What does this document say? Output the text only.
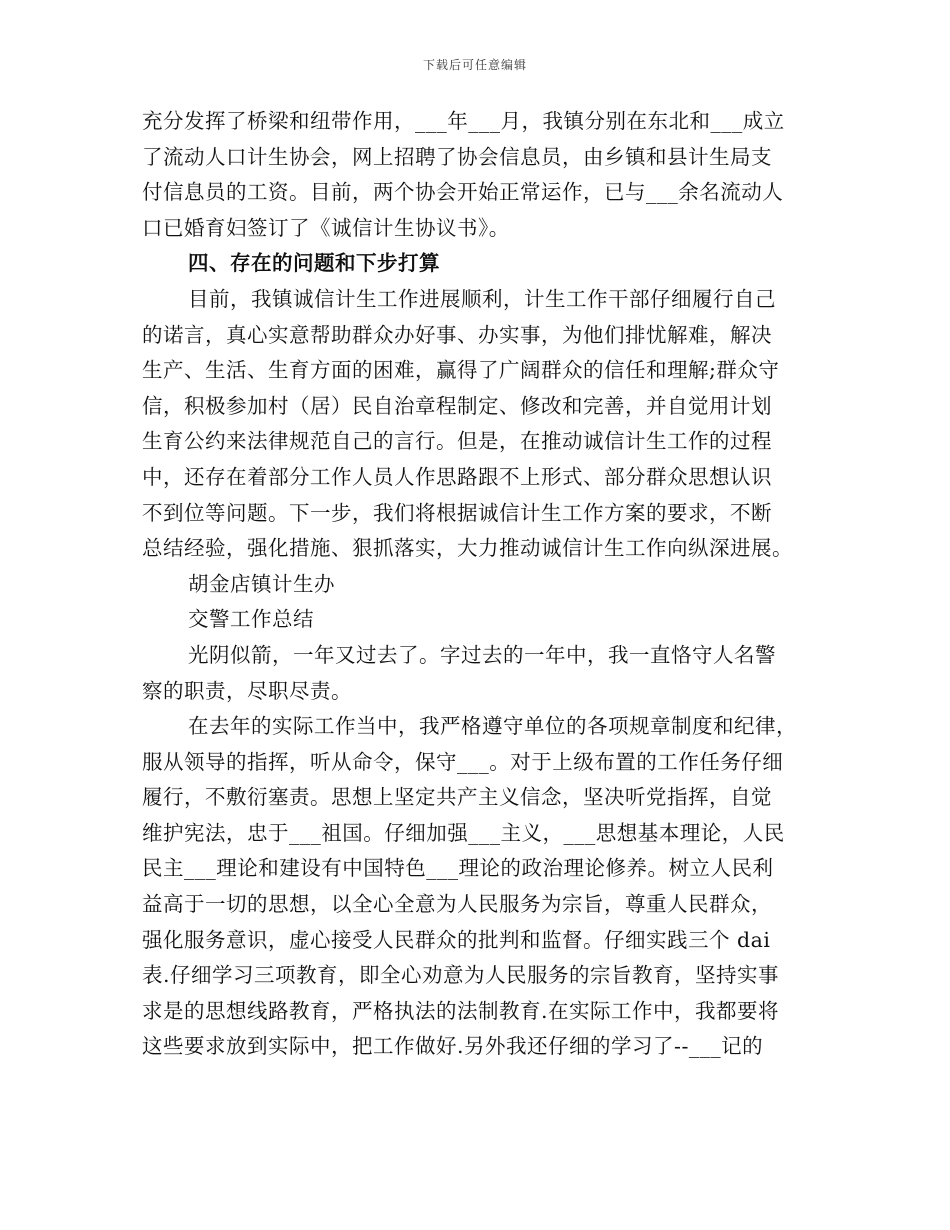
下载后可任意编辑
充分发挥了桥梁和纽带作用，___年___月，我镇分别在东北和___成立
了流动人口计生协会，网上招聘了协会信息员，由乡镇和县计生局支
付信息员的工资。目前，两个协会开始正常运作，已与___余名流动人
口已婚育妇签订了《诚信计生协议书》。
四、存在的问题和下步打算
目前，我镇诚信计生工作进展顺利，计生工作干部仔细履行自己
的诺言，真心实意帮助群众办好事、办实事，为他们排忧解难，解决
生产、生活、生育方面的困难，赢得了广阔群众的信任和理解;群众守
信，积极参加村（居）民自治章程制定、修改和完善，并自觉用计划
生育公约来法律规范自己的言行。但是，在推动诚信计生工作的过程
中，还存在着部分工作人员人作思路跟不上形式、部分群众思想认识
不到位等问题。下一步，我们将根据诚信计生工作方案的要求，不断
总结经验，强化措施、狠抓落实，大力推动诚信计生工作向纵深进展。
胡金店镇计生办
交警工作总结
光阴似箭，一年又过去了。字过去的一年中，我一直恪守人名警
察的职责，尽职尽责。
在去年的实际工作当中，我严格遵守单位的各项规章制度和纪律，
服从领导的指挥，听从命令，保守___。对于上级布置的工作任务仔细
履行，不敷衍塞责。思想上坚定共产主义信念，坚决听党指挥，自觉
维护宪法，忠于___祖国。仔细加强___主义，___思想基本理论，人民
民主___理论和建设有中国特色___理论的政治理论修养。树立人民利
益高于一切的思想，以全心全意为人民服务为宗旨，尊重人民群众，
强化服务意识，虚心接受人民群众的批判和监督。仔细实践三个 dai
表.仔细学习三项教育，即全心劝意为人民服务的宗旨教育，坚持实事
求是的思想线路教育，严格执法的法制教育.在实际工作中，我都要将
这些要求放到实际中，把工作做好.另外我还仔细的学习了--___记的
